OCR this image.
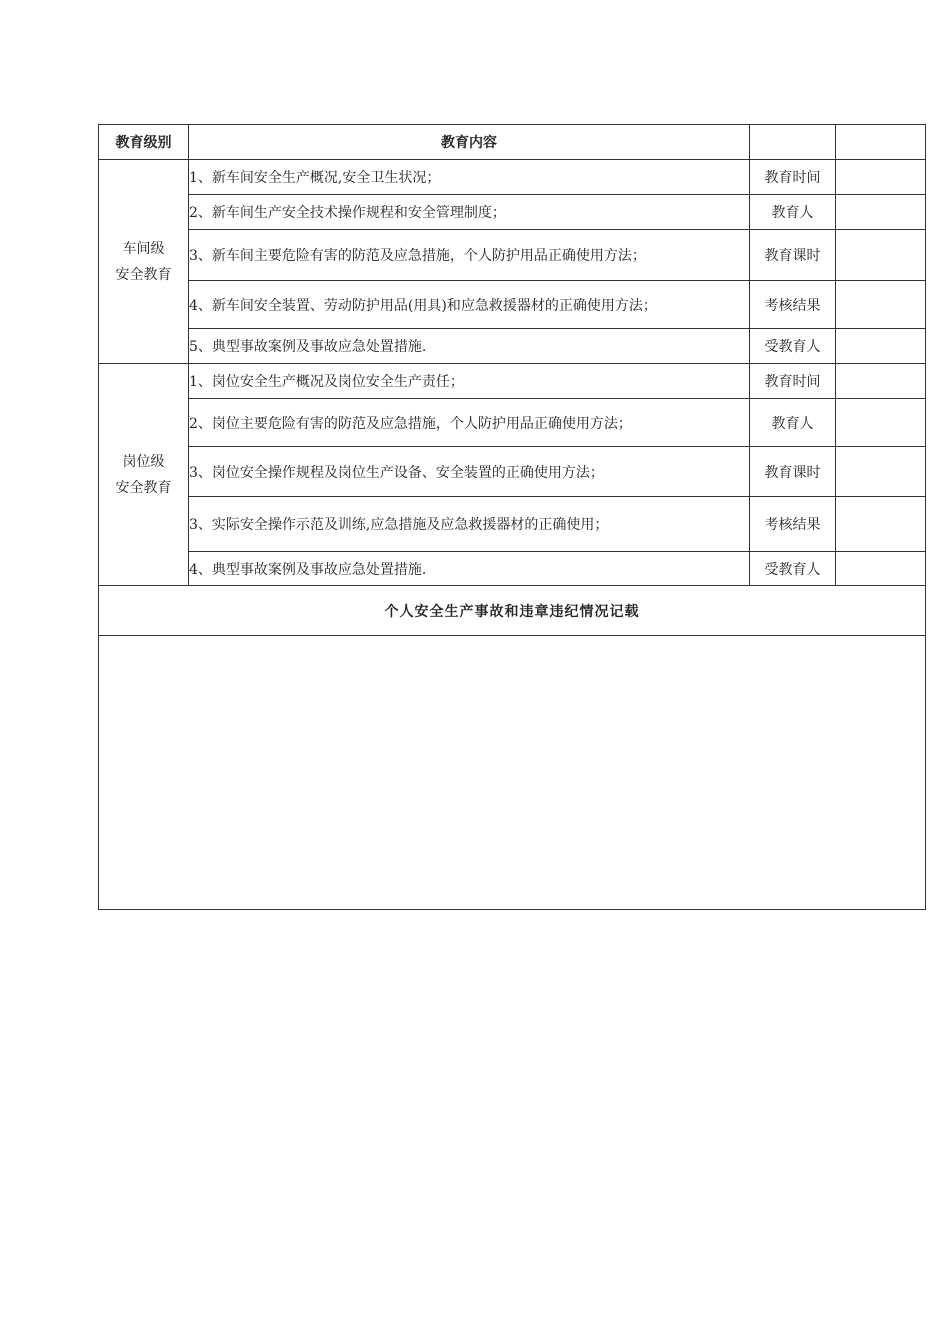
教育级别	教育内容		

车间级
安全教育	1、新车间安全生产概况,安全卫生状况；	教育时间	
	2、新车间生产安全技术操作规程和安全管理制度；	教育人	
	3、新车间主要危险有害的防范及应急措施，个人防护用品正确使用方法；	教育课时	
	4、新车间安全装置、劳动防护用品(用具)和应急救援器材的正确使用方法；	考核结果	
	5、典型事故案例及事故应急处置措施.	受教育人	

岗位级
安全教育	1、岗位安全生产概况及岗位安全生产责任；	教育时间	
	2、岗位主要危险有害的防范及应急措施，个人防护用品正确使用方法；	教育人	
	3、岗位安全操作规程及岗位生产设备、安全装置的正确使用方法；	教育课时	
	3、实际安全操作示范及训练,应急措施及应急救援器材的正确使用；	考核结果	
	4、典型事故案例及事故应急处置措施.	受教育人	
个人安全生产事故和违章违纪情况记载			
